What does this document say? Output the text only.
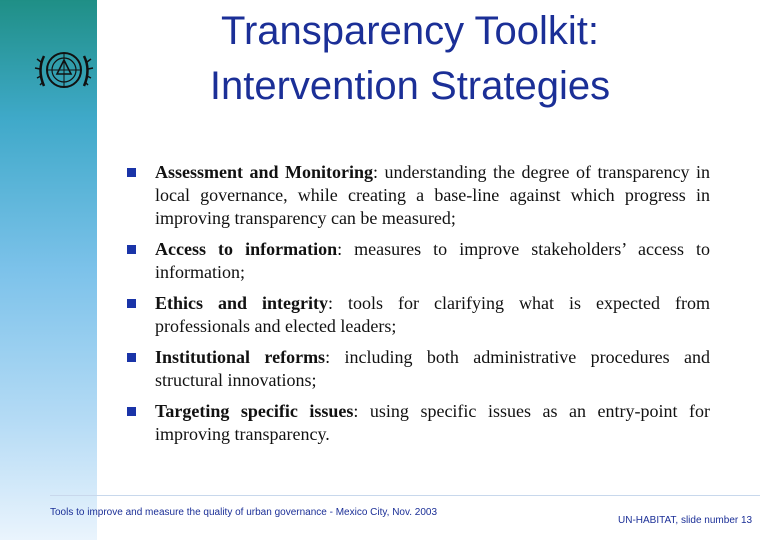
Transparency Toolkit:
Intervention Strategies
Assessment and Monitoring: understanding the degree of transparency in local governance, while creating a base-line against which progress in improving transparency can be measured;
Access to information: measures to improve stakeholders’ access to information;
Ethics and integrity: tools for clarifying what is expected from professionals and elected leaders;
Institutional reforms: including both administrative procedures and structural innovations;
Targeting specific issues: using specific issues as an entry-point for improving transparency.
Tools to improve and measure the quality of urban governance - Mexico City, Nov. 2003
UN-HABITAT, slide number 13
